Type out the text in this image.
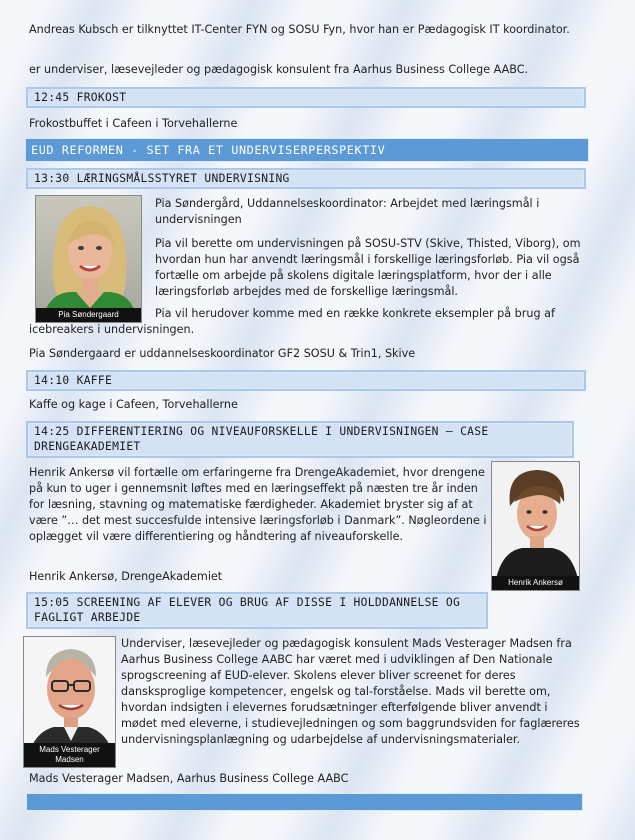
Andreas Kubsch er tilknyttet IT-Center FYN og SOSU Fyn, hvor han er Pædagogisk IT koordinator.

er underviser, læsevejleder og pædagogisk konsulent fra Aarhus Business College AABC.

12:45 FROKOST

Frokostbuffet i Cafeen i Torvehallerne

EUD REFORMEN - SET FRA ET UNDERVISERPERSPEKTIV
13:30 LÆRINGSMÅLSSTYRET UNDERVISNING
Pia Søndergaard

Pia Søndergård, Uddannelseskoordinator: Arbejdet med læringsmål i undervisningen

Pia vil berette om undervisningen på SOSU-STV (Skive, Thisted, Viborg), om hvordan hun har anvendt læringsmål i forskellige læringsforløb. Pia vil også fortælle om arbejde på skolens digitale læringsplatform, hvor der i alle læringsforløb arbejdes med de forskellige læringsmål.

Pia vil herudover komme med en række konkrete eksempler på brug af icebreakers i undervisningen.

Pia Søndergaard er uddannelseskoordinator GF2 SOSU & Trin1, Skive

14:10 KAFFE

Kaffe og kage i Cafeen, Torvehallerne

14:25 DIFFERENTIERING OG NIVEAUFORSKELLE I UNDERVISNINGEN – CASE DRENGEAKADEMIET

Henrik Ankersø vil fortælle om erfaringerne fra DrengeAkademiet, hvor drengene på kun to uger i gennemsnit løftes med en læringseffekt på næsten tre år inden for læsning, stavning og matematiske færdigheder. Akademiet bryster sig af at være ”… det mest succesfulde intensive læringsforløb i Danmark”. Nøgleordene i oplægget vil være differentiering og håndtering af niveauforskelle.

Henrik Ankersø, DrengeAkademiet	Henrik Ankersø
15:05 SCREENING AF ELEVER OG BRUG AF DISSE I HOLDDANNELSE OG FAGLIGT ARBEJDE
Mads Vesterager Madsen

Underviser, læsevejleder og pædagogisk konsulent Mads Vesterager Madsen fra Aarhus Business College AABC har været med i udviklingen af Den Nationale sprogscreening af EUD-elever. Skolens elever bliver screenet for deres dansksproglige kompetencer, engelsk og tal-forståelse. Mads vil berette om, hvordan indsigten i elevernes forudsætninger efterfølgende bliver anvendt i mødet med eleverne, i studievejledningen og som baggrundsviden for faglæreres undervisningsplanlægning og udarbejdelse af undervisningsmaterialer.

Mads Vesterager Madsen, Aarhus Business College AABC
